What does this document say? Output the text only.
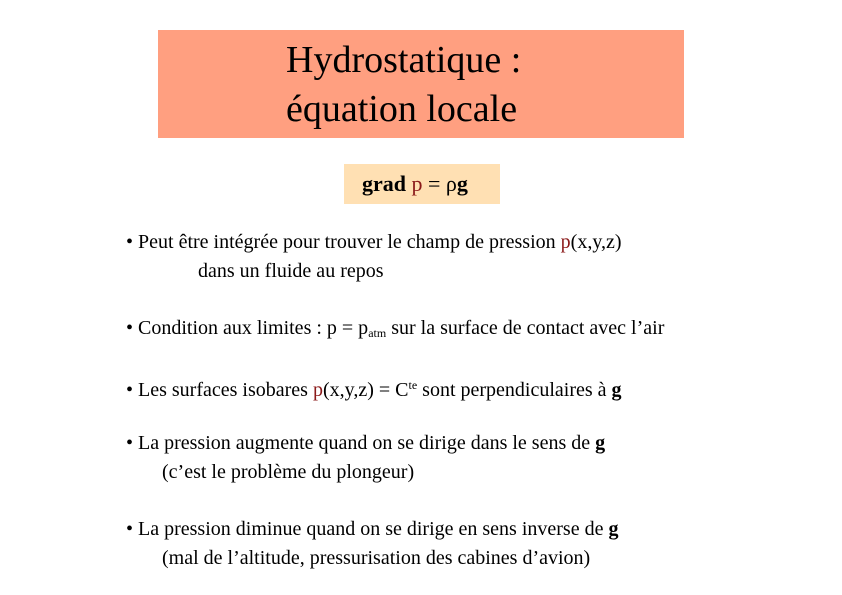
Hydrostatique :
équation locale
grad p = ρg
• Peut être intégrée pour trouver le champ de pression p(x,y,z)
dans un fluide au repos
• Condition aux limites : $p = p_{atm}$ sur la surface de contact avec l’air
• Les surfaces isobares $p(x,y,z) = C^{te}$ sont perpendiculaires à g
• La pression augmente quand on se dirige dans le sens de g
(c’est le problème du plongeur)
• La pression diminue quand on se dirige en sens inverse de g
(mal de l’altitude, pressurisation des cabines d’avion)
